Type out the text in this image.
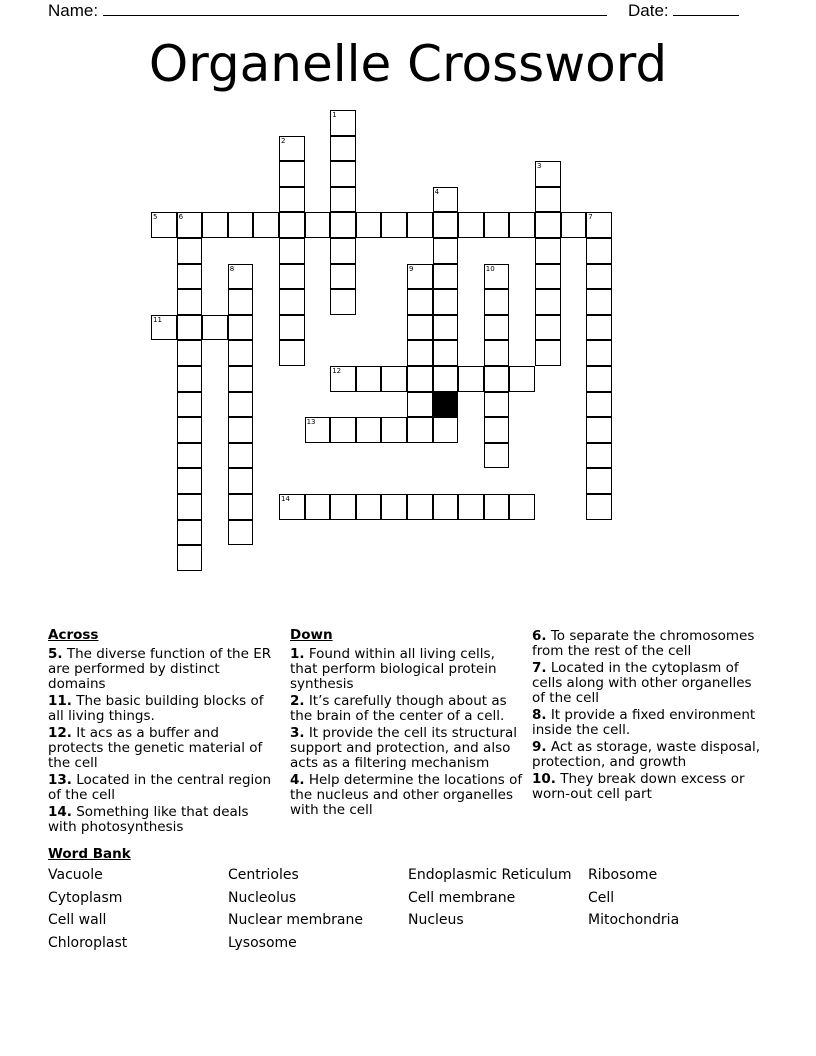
Name:	Date:
Organelle Crossword
1
2
3
4
5	6	7
8	9	10
11
12
13
14
Across
5. The diverse function of the ER are performed by distinct domains
11. The basic building blocks of all living things.
12. It acs as a buffer and protects the genetic material of the cell
13. Located in the central region of the cell
14. Something like that deals with photosynthesis
Down
1. Found within all living cells, that perform biological protein synthesis
2. It’s carefully though about as the brain of the center of a cell.
3. It provide the cell its structural support and protection, and also acts as a filtering mechanism
4. Help determine the locations of the nucleus and other organelles with the cell
6. To separate the chromosomes from the rest of the cell
7. Located in the cytoplasm of cells along with other organelles of the cell
8. It provide a fixed environment inside the cell.
9. Act as storage, waste disposal, protection, and growth
10. They break down excess or worn-out cell part
Word Bank
Vacuole	Centrioles	Endoplasmic Reticulum	Ribosome
Cytoplasm	Nucleolus	Cell membrane	Cell
Cell wall	Nuclear membrane	Nucleus	Mitochondria
Chloroplast	Lysosome
